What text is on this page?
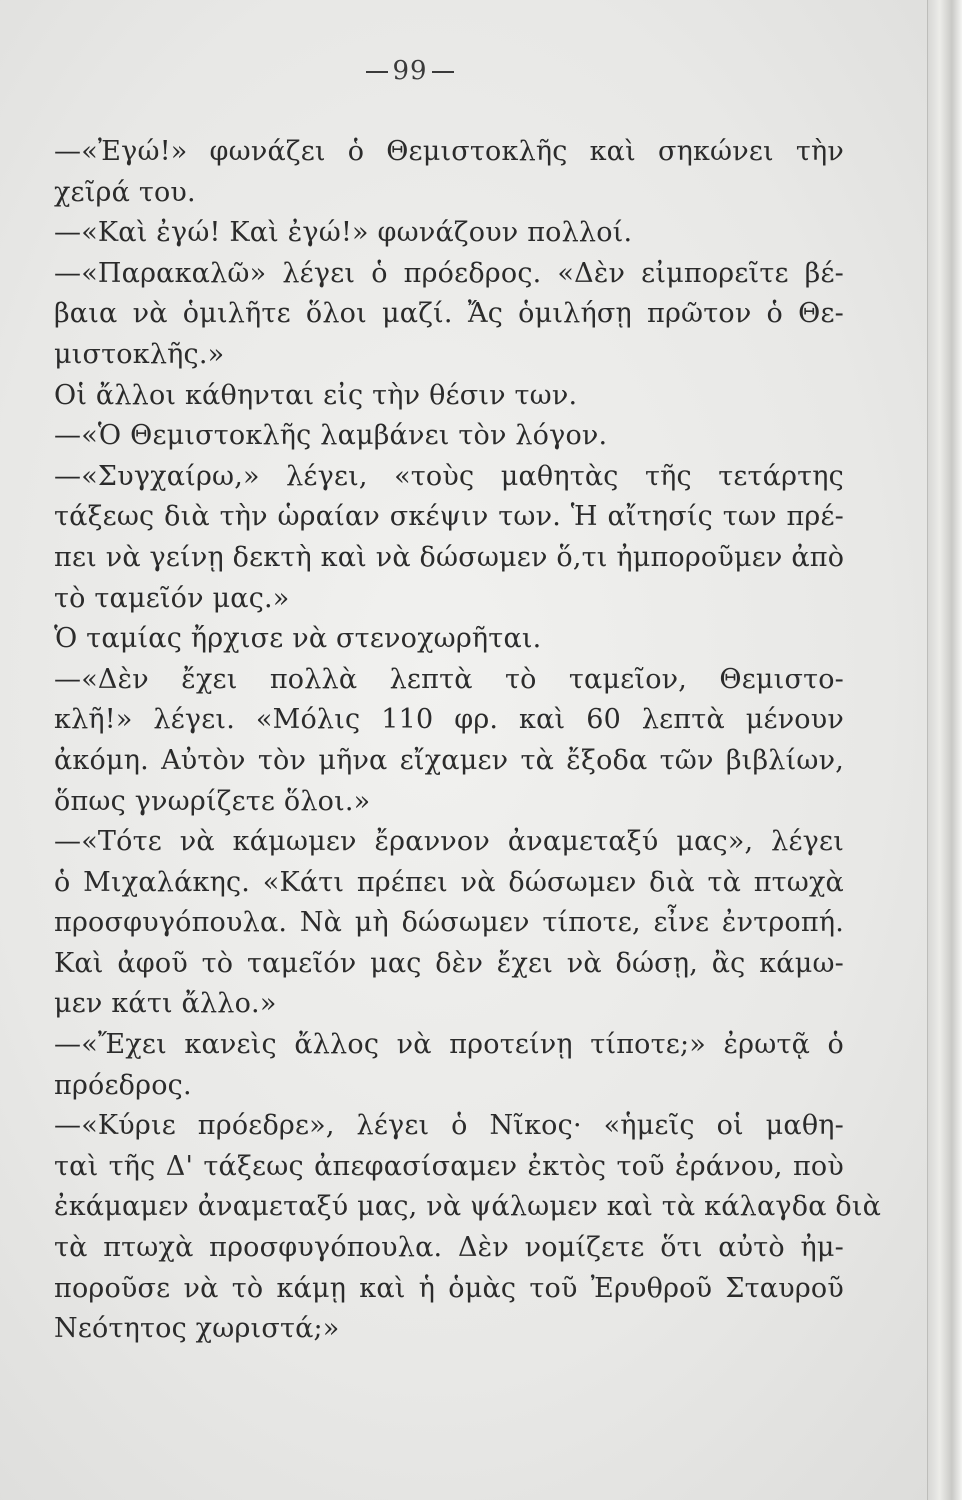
99
—«Ἐγώ!» φωνάζει ὁ Θεμιστοκλῆς καὶ σηκώνει τὴν
χεῖρά του.
—«Καὶ ἐγώ! Καὶ ἐγώ!» φωνάζουν πολλοί.
—«Παρακαλῶ» λέγει ὁ πρόεδρος. «Δὲν εἰμπορεῖτε βέ-
βαια νὰ ὁμιλῆτε ὅλοι μαζί. Ἄς ὁμιλήσῃ πρῶτον ὁ Θε-
μιστοκλῆς.»
Οἱ ἄλλοι κάθηνται εἰς τὴν θέσιν των.
—«Ὁ Θεμιστοκλῆς λαμβάνει τὸν λόγον.
—«Συγχαίρω,» λέγει, «τοὺς μαθητὰς τῆς τετάρτης
τάξεως διὰ τὴν ὡραίαν σκέψιν των. Ἡ αἴτησίς των πρέ-
πει νὰ γείνῃ δεκτὴ καὶ νὰ δώσωμεν ὅ,τι ἠμποροῦμεν ἀπὸ
τὸ ταμεῖόν μας.»
Ὁ ταμίας ἤρχισε νὰ στενοχωρῆται.
—«Δὲν ἔχει πολλὰ λεπτὰ τὸ ταμεῖον, Θεμιστο-
κλῆ!» λέγει. «Μόλις 110 φρ. καὶ 60 λεπτὰ μένουν
ἀκόμη. Αὐτὸν τὸν μῆνα εἴχαμεν τὰ ἔξοδα τῶν βιβλίων,
ὅπως γνωρίζετε ὅλοι.»
—«Τότε νὰ κάμωμεν ἔραννον ἀναμεταξύ μας», λέγει
ὁ Μιχαλάκης. «Κάτι πρέπει νὰ δώσωμεν διὰ τὰ πτωχὰ
προσφυγόπουλα. Νὰ μὴ δώσωμεν τίποτε, εἶνε ἐντροπή.
Καὶ ἀφοῦ τὸ ταμεῖόν μας δὲν ἔχει νὰ δώσῃ, ἂς κάμω-
μεν κάτι ἄλλο.»
—«Ἔχει κανεὶς ἄλλος νὰ προτείνῃ τίποτε;» ἐρωτᾷ ὁ
πρόεδρος.
—«Κύριε πρόεδρε», λέγει ὁ Νῖκος· «ἡμεῖς οἱ μαθη-
ταὶ τῆς Δ' τάξεως ἀπεφασίσαμεν ἐκτὸς τοῦ ἐράνου, ποὺ
ἐκάμαμεν ἀναμεταξύ μας, νὰ ψάλωμεν καὶ τὰ κάλαγδα διὰ
τὰ πτωχὰ προσφυγόπουλα. Δὲν νομίζετε ὅτι αὐτὸ ἠμ-
ποροῦσε νὰ τὸ κάμῃ καὶ ἡ ὁμὰς τοῦ Ἐρυθροῦ Σταυροῦ
Νεότητος χωριστά;»
